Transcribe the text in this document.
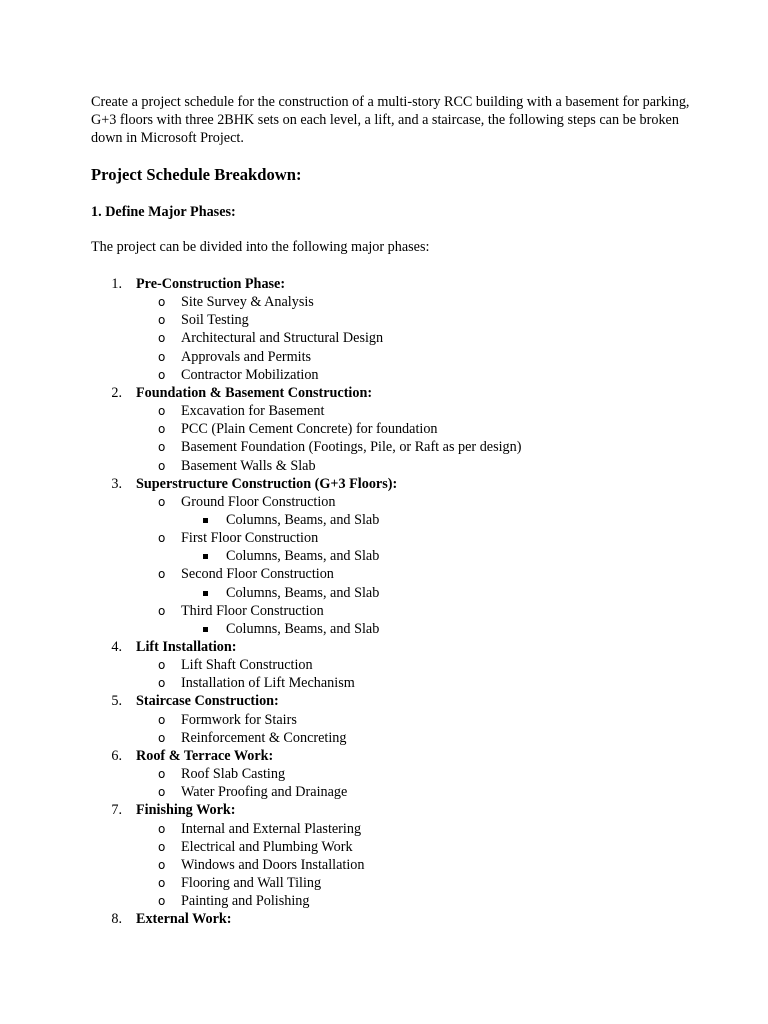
Create a project schedule for the construction of a multi-story RCC building with a basement for parking, G+3 floors with three 2BHK sets on each level, a lift, and a staircase, the following steps can be broken down in Microsoft Project.

Project Schedule Breakdown:
1. Define Major Phases:

The project can be divided into the following major phases:

1. Pre-Construction Phase:
o Site Survey & Analysis
o Soil Testing
o Architectural and Structural Design
o Approvals and Permits
o Contractor Mobilization
2. Foundation & Basement Construction:
o Excavation for Basement
o PCC (Plain Cement Concrete) for foundation
o Basement Foundation (Footings, Pile, or Raft as per design)
o Basement Walls & Slab
3. Superstructure Construction (G+3 Floors):
o Ground Floor Construction
Columns, Beams, and Slab
o First Floor Construction
Columns, Beams, and Slab
o Second Floor Construction
Columns, Beams, and Slab
o Third Floor Construction
Columns, Beams, and Slab
4. Lift Installation:
o Lift Shaft Construction
o Installation of Lift Mechanism
5. Staircase Construction:
o Formwork for Stairs
o Reinforcement & Concreting
6. Roof & Terrace Work:
o Roof Slab Casting
o Water Proofing and Drainage
7. Finishing Work:
o Internal and External Plastering
o Electrical and Plumbing Work
o Windows and Doors Installation
o Flooring and Wall Tiling
o Painting and Polishing
8. External Work:
